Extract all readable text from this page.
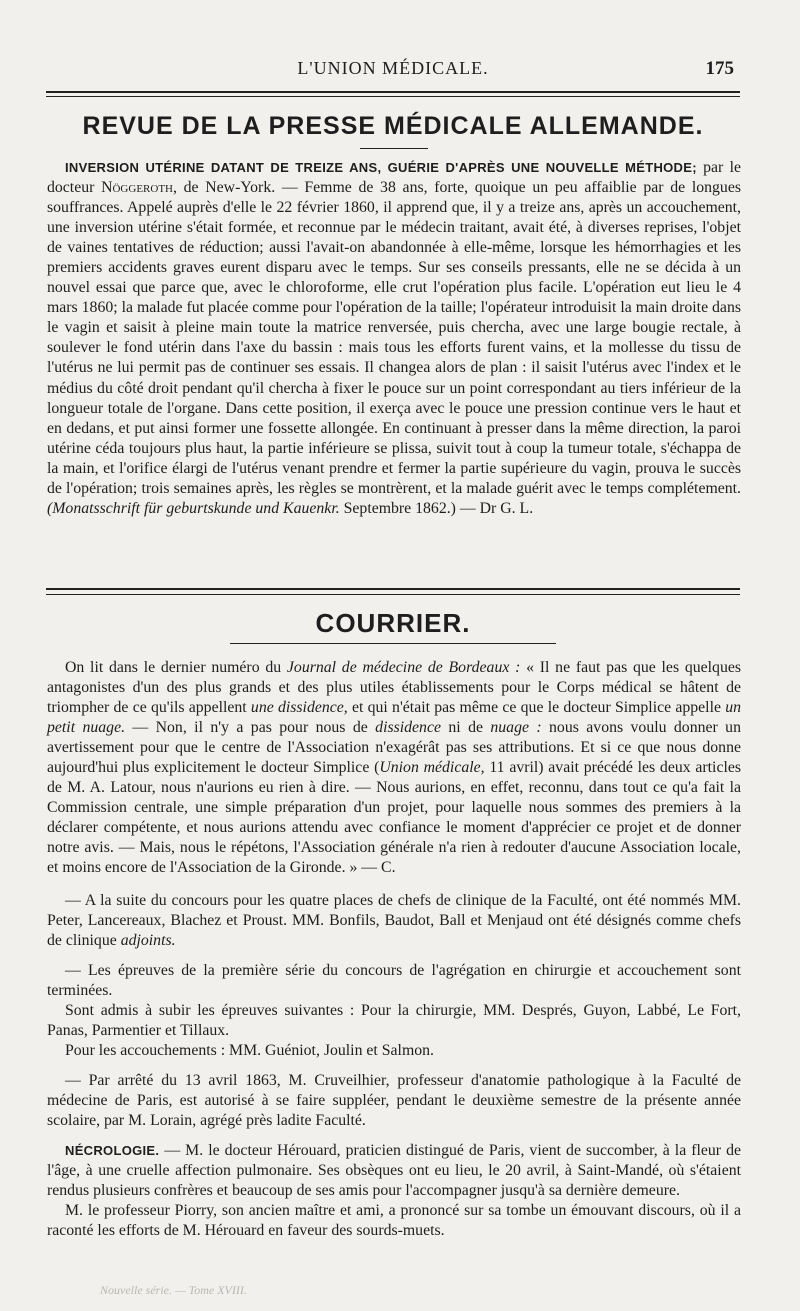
L'UNION MÉDICALE.	175
REVUE DE LA PRESSE MÉDICALE ALLEMANDE.

INVERSION UTÉRINE DATANT DE TREIZE ANS, GUÉRIE D'APRÈS UNE NOUVELLE MÉTHODE; par le docteur Nöggeroth, de New-York. — Femme de 38 ans, forte, quoique un peu affaiblie par de longues souffrances. Appelé auprès d'elle le 22 février 1860, il apprend que, il y a treize ans, après un accouchement, une inversion utérine s'était formée, et reconnue par le médecin traitant, avait été, à diverses reprises, l'objet de vaines tentatives de réduction; aussi l'avait-on abandonnée à elle-même, lorsque les hémorrhagies et les premiers accidents graves eurent disparu avec le temps. Sur ses conseils pressants, elle ne se décida à un nouvel essai que parce que, avec le chloroforme, elle crut l'opération plus facile. L'opération eut lieu le 4 mars 1860; la malade fut placée comme pour l'opération de la taille; l'opérateur introduisit la main droite dans le vagin et saisit à pleine main toute la matrice renversée, puis chercha, avec une large bougie rectale, à soulever le fond utérin dans l'axe du bassin : mais tous les efforts furent vains, et la mollesse du tissu de l'utérus ne lui permit pas de continuer ses essais. Il changea alors de plan : il saisit l'utérus avec l'index et le médius du côté droit pendant qu'il chercha à fixer le pouce sur un point correspondant au tiers inférieur de la longueur totale de l'organe. Dans cette position, il exerça avec le pouce une pression continue vers le haut et en dedans, et put ainsi former une fossette allongée. En continuant à presser dans la même direction, la paroi utérine céda toujours plus haut, la partie inférieure se plissa, suivit tout à coup la tumeur totale, s'échappa de la main, et l'orifice élargi de l'utérus venant prendre et fermer la partie supérieure du vagin, prouva le succès de l'opération; trois semaines après, les règles se montrèrent, et la malade guérit avec le temps complétement. (Monatsschrift für geburtskunde und Kauenkr. Septembre 1862.) — Dr G. L.

COURRIER.

On lit dans le dernier numéro du Journal de médecine de Bordeaux : « Il ne faut pas que les quelques antagonistes d'un des plus grands et des plus utiles établissements pour le Corps médical se hâtent de triompher de ce qu'ils appellent une dissidence, et qui n'était pas même ce que le docteur Simplice appelle un petit nuage. — Non, il n'y a pas pour nous de dissidence ni de nuage : nous avons voulu donner un avertissement pour que le centre de l'Association n'exagérât pas ses attributions. Et si ce que nous donne aujourd'hui plus explicitement le docteur Simplice (Union médicale, 11 avril) avait précédé les deux articles de M. A. Latour, nous n'aurions eu rien à dire. — Nous aurions, en effet, reconnu, dans tout ce qu'a fait la Commission centrale, une simple préparation d'un projet, pour laquelle nous sommes des premiers à la déclarer compétente, et nous aurions attendu avec confiance le moment d'apprécier ce projet et de donner notre avis. — Mais, nous le répétons, l'Association générale n'a rien à redouter d'aucune Association locale, et moins encore de l'Association de la Gironde. » — C.

— A la suite du concours pour les quatre places de chefs de clinique de la Faculté, ont été nommés MM. Peter, Lancereaux, Blachez et Proust. MM. Bonfils, Baudot, Ball et Menjaud ont été désignés comme chefs de clinique adjoints.

— Les épreuves de la première série du concours de l'agrégation en chirurgie et accouchement sont terminées.

Sont admis à subir les épreuves suivantes : Pour la chirurgie, MM. Després, Guyon, Labbé, Le Fort, Panas, Parmentier et Tillaux.

Pour les accouchements : MM. Guéniot, Joulin et Salmon.

— Par arrêté du 13 avril 1863, M. Cruveilhier, professeur d'anatomie pathologique à la Faculté de médecine de Paris, est autorisé à se faire suppléer, pendant le deuxième semestre de la présente année scolaire, par M. Lorain, agrégé près ladite Faculté.

NÉCROLOGIE. — M. le docteur Hérouard, praticien distingué de Paris, vient de succomber, à la fleur de l'âge, à une cruelle affection pulmonaire. Ses obsèques ont eu lieu, le 20 avril, à Saint-Mandé, où s'étaient rendus plusieurs confrères et beaucoup de ses amis pour l'accompagner jusqu'à sa dernière demeure.

M. le professeur Piorry, son ancien maître et ami, a prononcé sur sa tombe un émouvant discours, où il a raconté les efforts de M. Hérouard en faveur des sourds-muets.

Nouvelle série. — Tome XVIII.
